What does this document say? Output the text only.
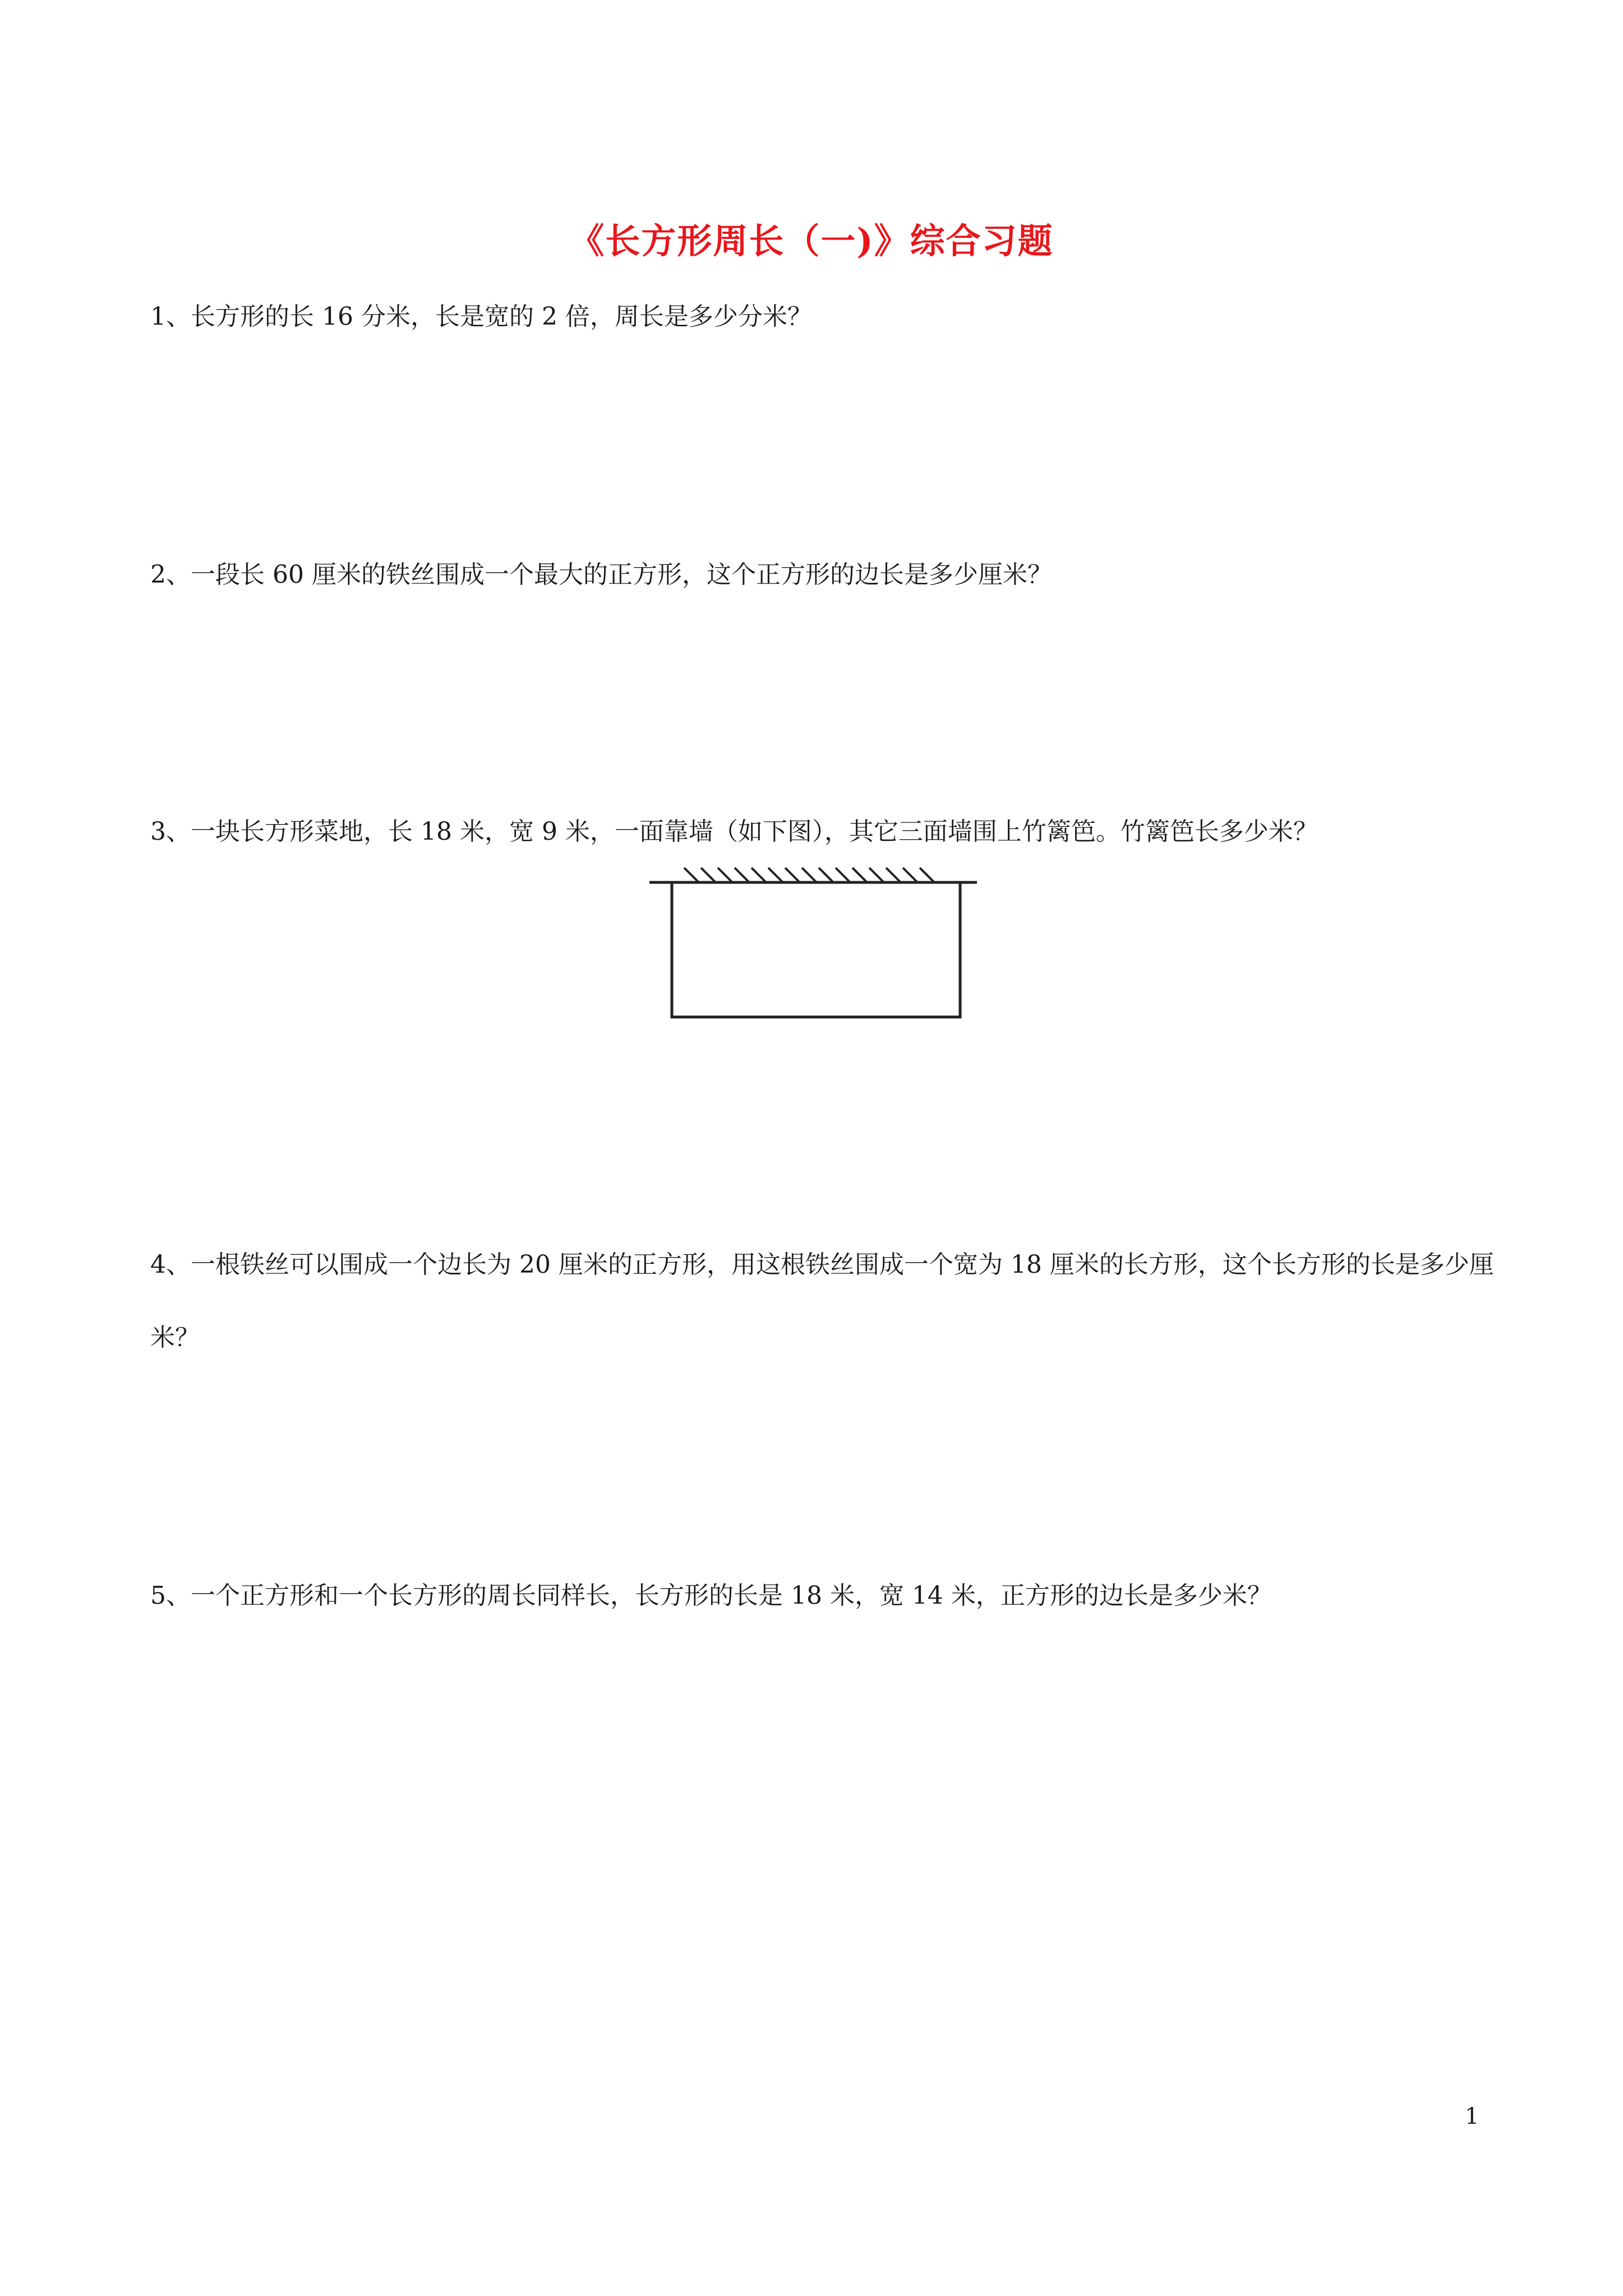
《长方形周长（一)》综合习题
1、长方形的长 16 分米，长是宽的 2 倍，周长是多少分米？
2、一段长 60 厘米的铁丝围成一个最大的正方形，这个正方形的边长是多少厘米？
3、一块长方形菜地，长 18 米，宽 9 米，一面靠墙（如下图），其它三面墙围上竹篱笆。竹篱笆长多少米？
4、一根铁丝可以围成一个边长为 20 厘米的正方形，用这根铁丝围成一个宽为 18 厘米的长方形，这个长方形的长是多少厘米？
5、一个正方形和一个长方形的周长同样长，长方形的长是 18 米，宽 14 米，正方形的边长是多少米？
1
